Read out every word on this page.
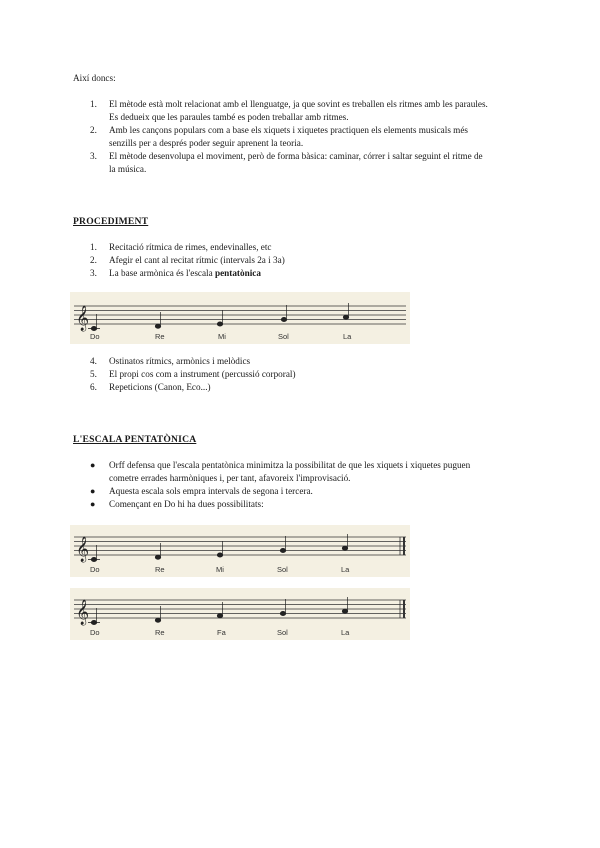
Així doncs:
1. El mètode està molt relacionat amb el llenguatge, ja que sovint es treballen els ritmes amb les paraules.
Es dedueix que les paraules també es poden treballar amb ritmes.
2. Amb les cançons populars com a base els xiquets i xiquetes practiquen els elements musicals més
senzills per a després poder seguir aprenent la teoria.
3. El mètode desenvolupa el moviment, però de forma bàsica: caminar, córrer i saltar seguint el ritme de
la música.
PROCEDIMENT
1. Recitació rítmica de rimes, endevinalles, etc
2. Afegir el cant al recitat rítmic (intervals 2a i 3a)
3. La base armònica és l'escala pentatònica
𝄞
Do	Re	Mi	Sol	La
4. Ostinatos rítmics, armònics i melòdics
5. El propi cos com a instrument (percussió corporal)
6. Repeticions (Canon, Eco...)
L'ESCALA PENTATÒNICA
● Orff defensa que l'escala pentatònica minimitza la possibilitat de que les xiquets i xiquetes puguen
cometre errades harmòniques i, per tant, afavoreix l'improvisació.
● Aquesta escala sols empra intervals de segona i tercera.
● Començant en Do hi ha dues possibilitats:
𝄞
Do	Re	Mi	Sol	La
𝄞
Do	Re	Fa	Sol	La
